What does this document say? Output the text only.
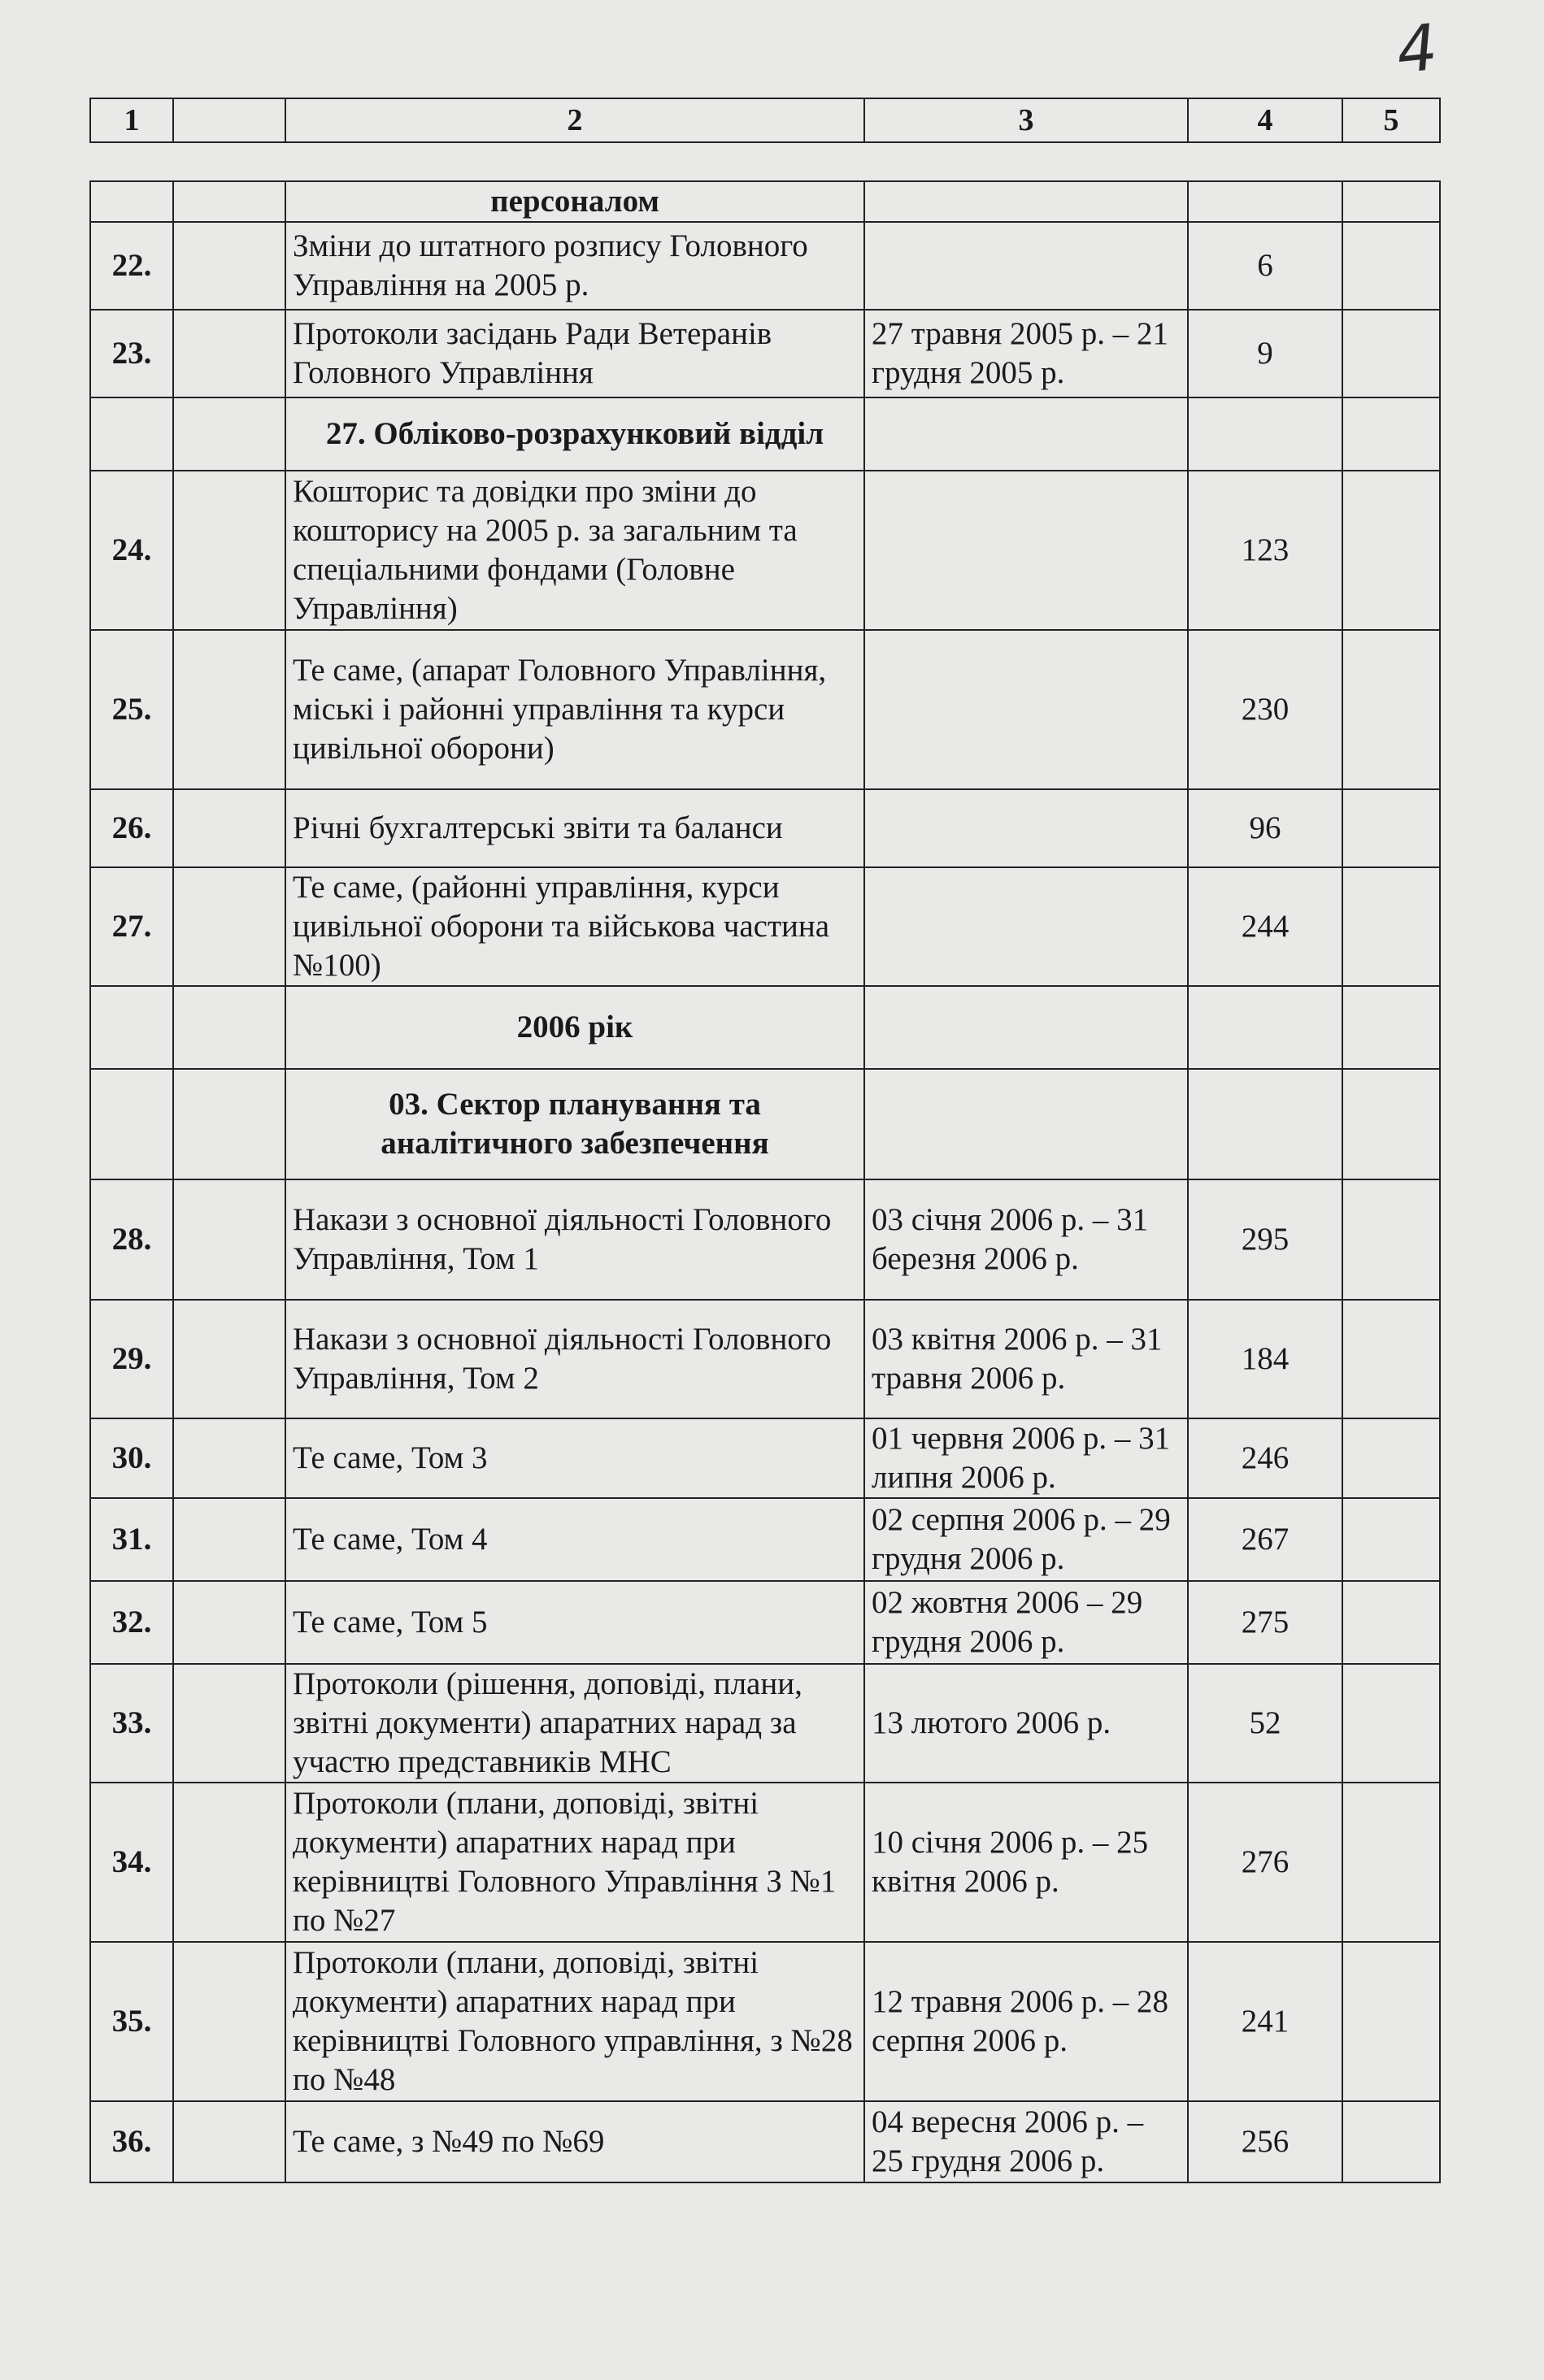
4
1		2	3	4	5
		персоналом			
22.		Зміни до штатного розпису Головного Управління на 2005 р.		6	
23.		Протоколи засідань Ради Ветеранів Головного Управління	27 травня 2005 р. – 21 грудня 2005 р.	9	
		27. Обліково-розрахунковий відділ			
24.		Кошторис та довідки про зміни до кошторису на 2005 р. за загальним та спеціальними фондами (Головне Управління)		123	
25.		Те саме, (апарат Головного Управління, міські і районні управління та курси цивільної оборони)		230	
26.		Річні бухгалтерські звіти та баланси		96	
27.		Те саме, (районні управління, курси цивільної оборони та військова частина №100)		244	
		2006 рік			
		03. Сектор планування та аналітичного забезпечення			
28.		Накази з основної діяльності Головного Управління, Том 1	03 січня 2006 р. – 31 березня 2006 р.	295	
29.		Накази з основної діяльності Головного Управління, Том 2	03 квітня 2006 р. – 31 травня 2006 р.	184	
30.		Те саме, Том 3	01 червня 2006 р. – 31 липня 2006 р.	246	
31.		Те саме, Том 4	02 серпня 2006 р. – 29 грудня 2006 р.	267	
32.		Те саме, Том 5	02 жовтня 2006 – 29 грудня 2006 р.	275	
33.		Протоколи (рішення, доповіді, плани, звітні документи) апаратних нарад за участю представників МНС	13 лютого 2006 р.	52	
34.		Протоколи (плани, доповіді, звітні документи) апаратних нарад при керівництві Головного Управління З №1 по №27	10 січня 2006 р. – 25 квітня 2006 р.	276	
35.		Протоколи (плани, доповіді, звітні документи) апаратних нарад при керівництві Головного управління, з №28 по №48	12 травня 2006 р. – 28 серпня 2006 р.	241	
36.		Те саме, з №49 по №69	04 вересня 2006 р. – 25 грудня 2006 р.	256	
